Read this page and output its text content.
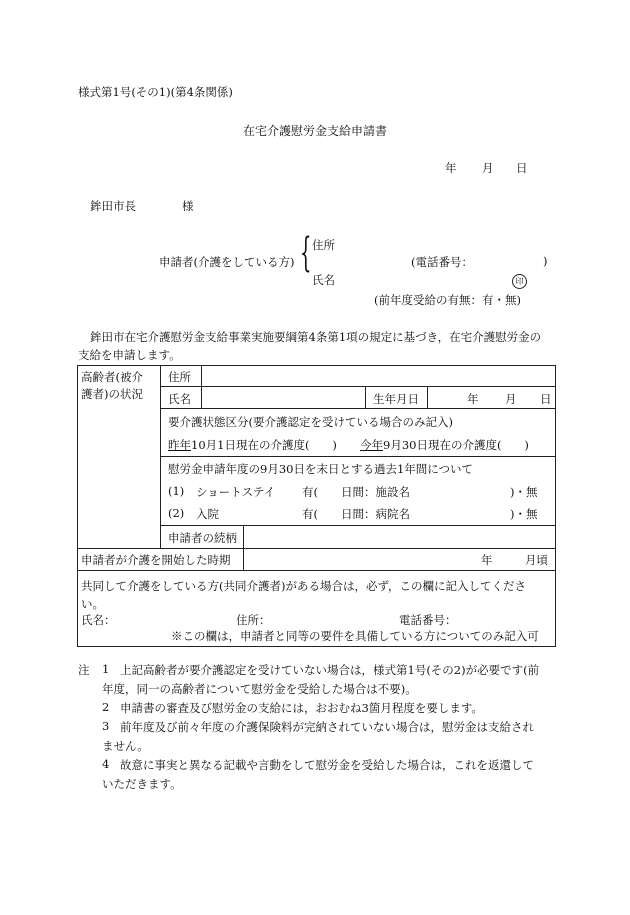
様式第1号(その1)(第4条関係)
在宅介護慰労金支給申請書
年 月 日
鉾田市長	様
申請者(介護をしている方) { 住所
(電話番号：	)
氏名	印
(前年度受給の有無：有・無)
鉾田市在宅介護慰労金支給事業実施要綱第4条第1項の規定に基づき，在宅介護慰労金の
支給を申請します。
高齢者(被介
護者)の状況
住所
氏名	生年月日	年 月 日
要介護状態区分(要介護認定を受けている場合のみ記入)
昨年10月1日現在の介護度(　　) 今年9月30日現在の介護度(　　)
慰労金申請年度の9月30日を末日とする過去1年間について
(1) ショートステイ 有(　　日間：施設名	)・無
(2) 入院	有(　　日間：病院名	)・無
申請者の続柄
申請者が介護を開始した時期	年	月頃
共同して介護をしている方(共同介護者)がある場合は，必ず，この欄に記入してくださ
い。
氏名：	住所：	電話番号：
※この欄は，申請者と同等の要件を具備している方についてのみ記入可
注 1 上記高齢者が要介護認定を受けていない場合は，様式第1号(その2)が必要です(前
年度，同一の高齢者について慰労金を受給した場合は不要)。
2 申請書の審査及び慰労金の支給には，おおむね3箇月程度を要します。
3 前年度及び前々年度の介護保険料が完納されていない場合は，慰労金は支給され
ません。
4 故意に事実と異なる記載や言動をして慰労金を受給した場合は，これを返還して
いただきます。
